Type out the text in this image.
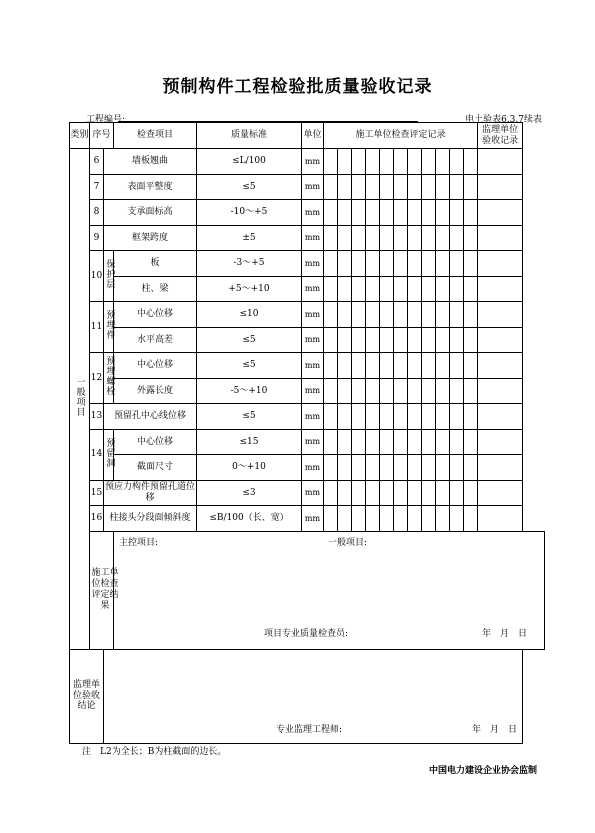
预制构件工程检验批质量验收记录
工程编号:	电土验表6.3.7续表
类别	序号		检查项目	质量标准	单位	施工单位检查评定记录											监理单位验收记录
一般项目	6	墙板翘曲		≤L/100	mm												
	7	表面平整度		≤5	mm												
	8	支承面标高		-10〜+5	mm												
	9	框架跨度		±5	mm												
	10	保护层	板	-3〜+5	mm												
			柱、梁	+5〜+10	mm												
	11	预埋件	中心位移	≤10	mm												
			水平高差	≤5	mm												
	12	预埋螺栓	中心位移	≤5	mm												
			外露长度	-5〜+10	mm												
	13	预留孔中心线位移		≤5	mm												
	14	预留洞	中心位移	≤15	mm												
			截面尺寸	0〜+10	mm												
	15	预应力构件预留孔道位移		≤3	mm												
	16	柱接头分段面倾斜度		≤B/100（长、宽）	mm												

	施工单位检查评定结果		主控项目: 一般项目:
项目专业质量检查员: 年　月　日														

监理单位验收结论		专业监理工程师: 年　月　日															
注　L2为全长；B为柱截面的边长。
中国电力建设企业协会监制
